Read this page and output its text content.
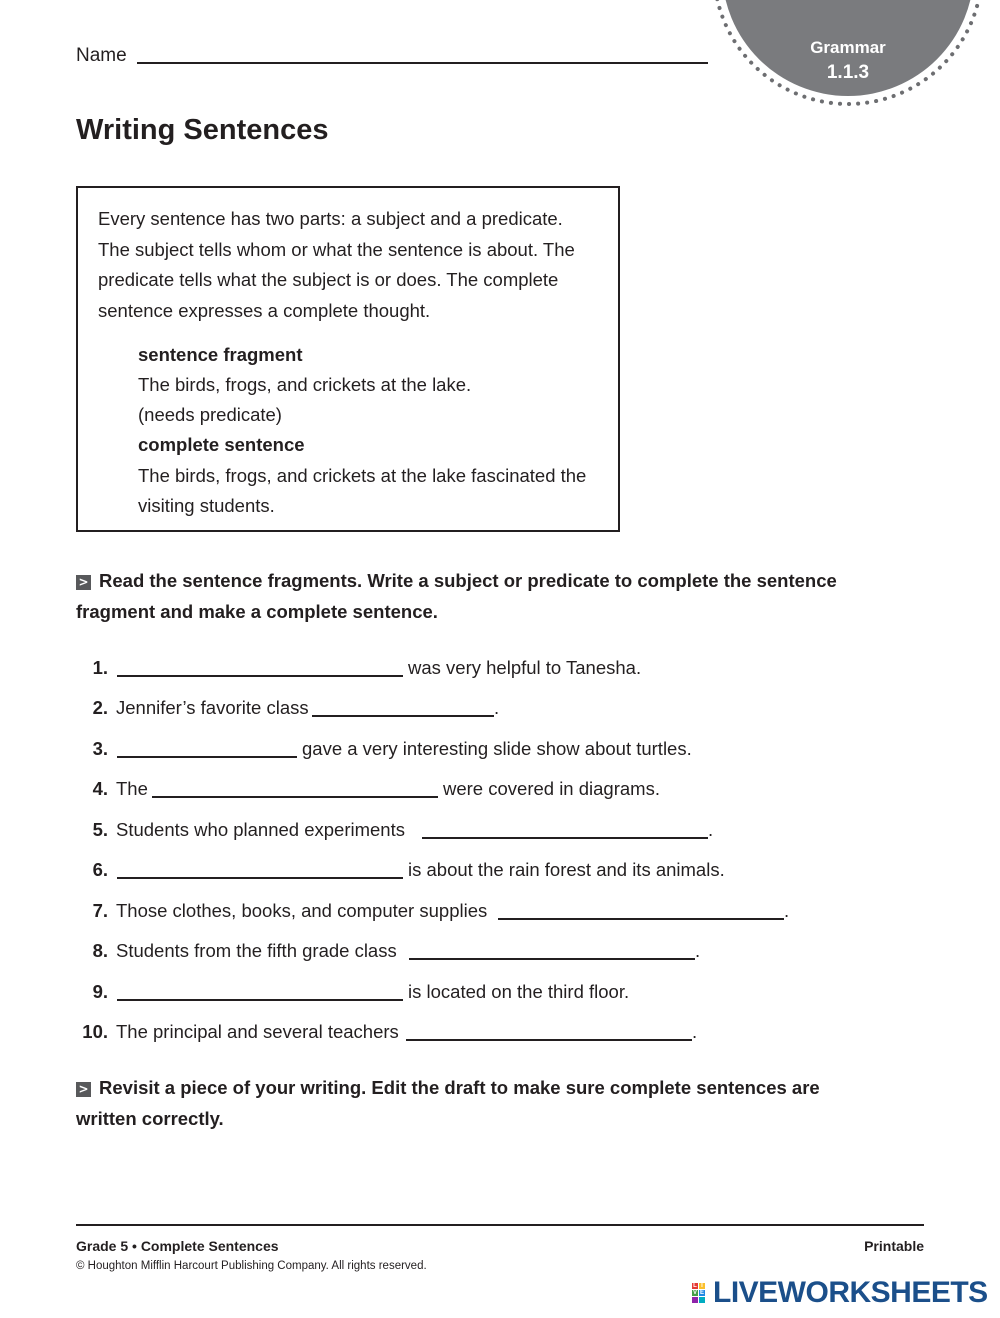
Name	Grammar
1.1.3
Writing Sentences
Every sentence has two parts: a subject and a predicate. The subject tells whom or what the sentence is about. The predicate tells what the subject is or does. The complete sentence expresses a complete thought.
sentence fragment
The birds, frogs, and crickets at the lake.
(needs predicate)
complete sentence
The birds, frogs, and crickets at the lake fascinated the
visiting students.
> Read the sentence fragments. Write a subject or predicate to complete the sentence fragment and make a complete sentence.
1.	was very helpful to Tanesha.
2. Jennifer’s favorite class	.
3.	gave a very interesting slide show about turtles.
4. The	were covered in diagrams.
5. Students who planned experiments	.
6.	is about the rain forest and its animals.
7. Those clothes, books, and computer supplies	.
8. Students from the fifth grade class	.
9.	is located on the third floor.
10. The principal and several teachers	.
> Revisit a piece of your writing. Edit the draft to make sure complete sentences are written correctly.
Grade 5 • Complete Sentences	Printable
© Houghton Mifflin Harcourt Publishing Company. All rights reserved.
L I
V E LIVEWORKSHEETS
